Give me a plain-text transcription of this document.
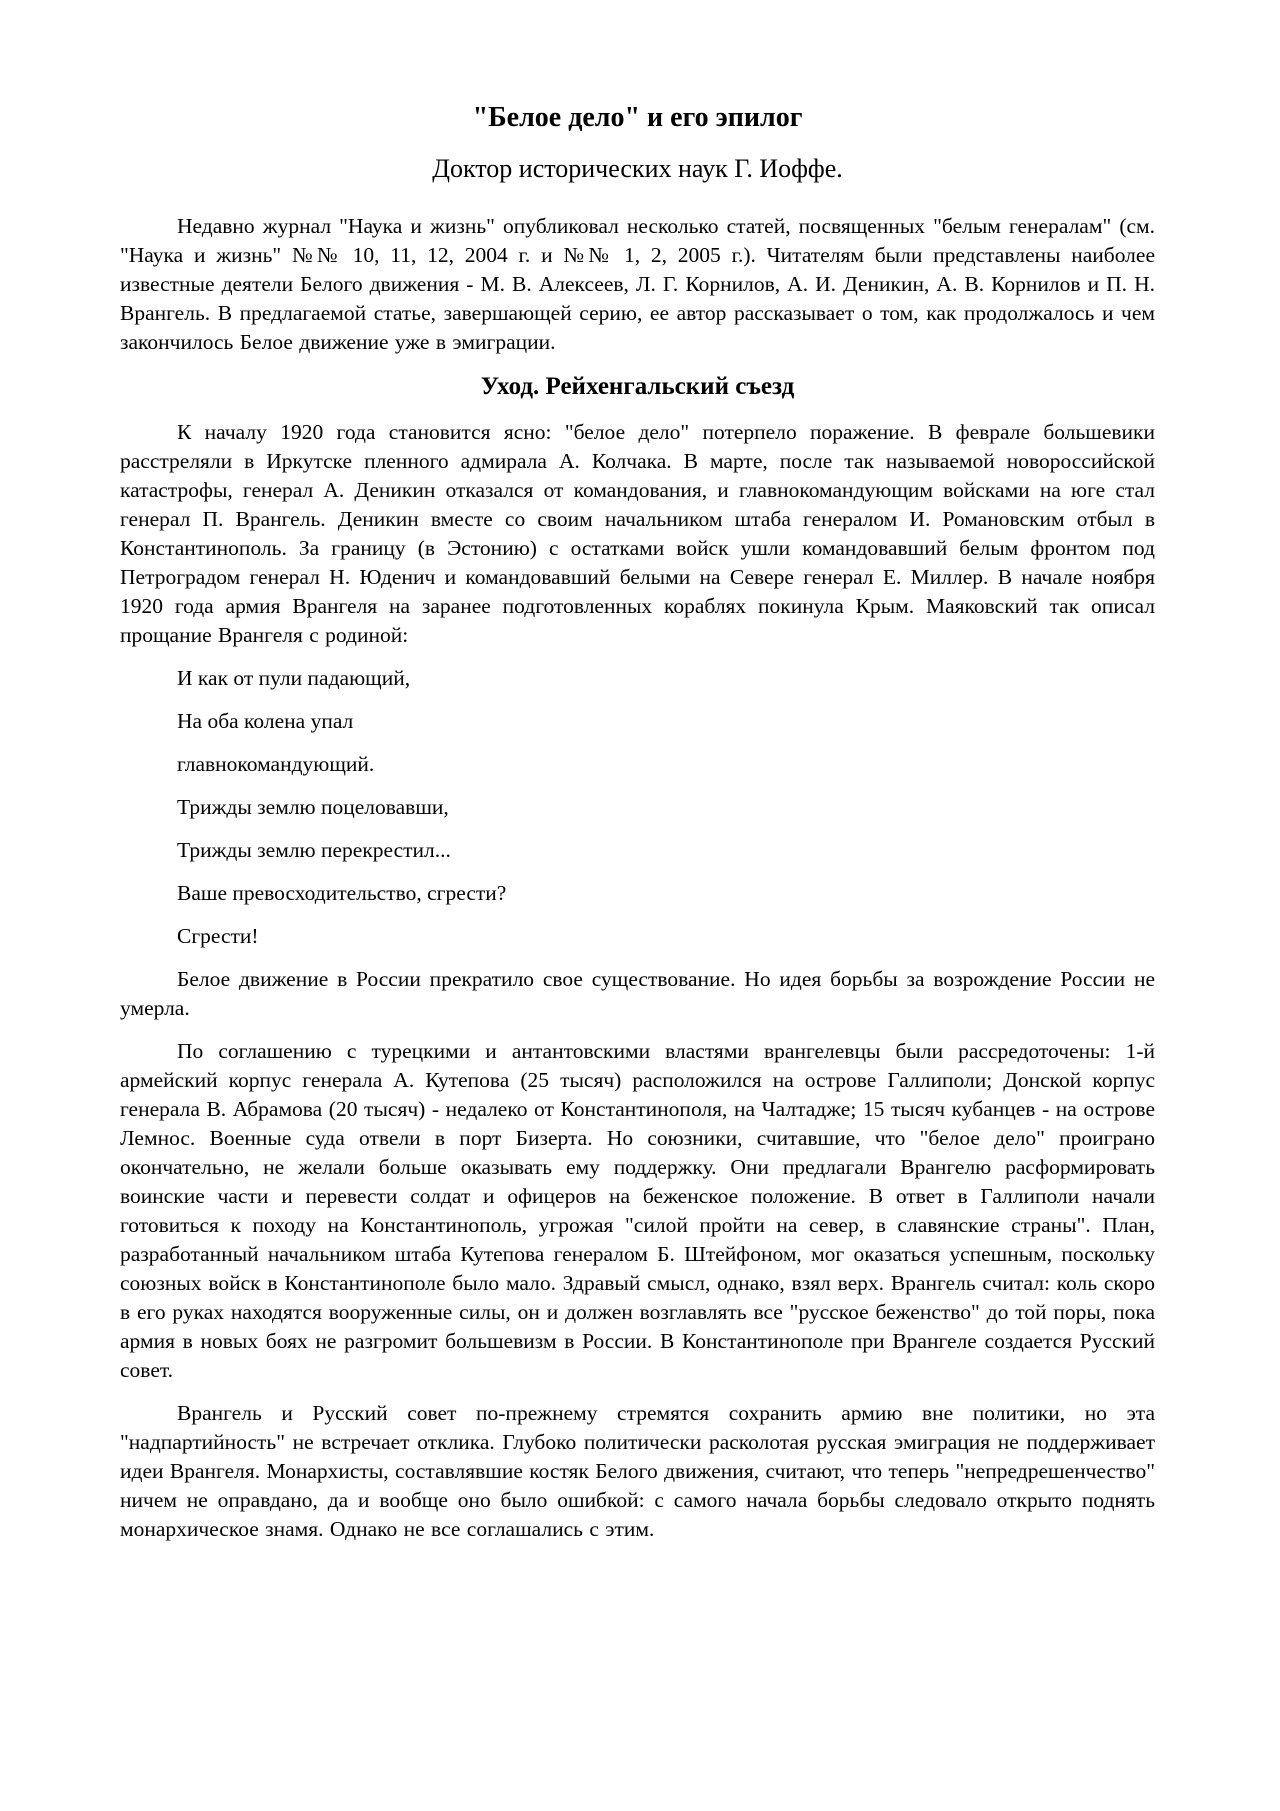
"Белое дело" и его эпилог
Доктор исторических наук Г. Иоффе.

Недавно журнал "Наука и жизнь" опубликовал несколько статей, посвященных "белым генералам" (см. "Наука и жизнь" №№ 10, 11, 12, 2004 г. и №№ 1, 2, 2005 г.). Читателям были представлены наиболее известные деятели Белого движения - М. В. Алексеев, Л. Г. Корнилов, А. И. Деникин, А. В. Корнилов и П. Н. Врангель. В предлагаемой статье, завершающей серию, ее автор рассказывает о том, как продолжалось и чем закончилось Белое движение уже в эмиграции.

Уход. Рейхенгальский съезд

К началу 1920 года становится ясно: "белое дело" потерпело поражение. В феврале большевики расстреляли в Иркутске пленного адмирала А. Колчака. В марте, после так называемой новороссийской катастрофы, генерал А. Деникин отказался от командования, и главнокомандующим войсками на юге стал генерал П. Врангель. Деникин вместе со своим начальником штаба генералом И. Романовским отбыл в Константинополь. За границу (в Эстонию) с остатками войск ушли командовавший белым фронтом под Петроградом генерал Н. Юденич и командовавший белыми на Севере генерал Е. Миллер. В начале ноября 1920 года армия Врангеля на заранее подготовленных кораблях покинула Крым. Маяковский так описал прощание Врангеля с родиной:

И как от пули падающий,

На оба колена упал

главнокомандующий.

Трижды землю поцеловавши,

Трижды землю перекрестил...

Ваше превосходительство, сгрести?

Сгрести!

Белое движение в России прекратило свое существование. Но идея борьбы за возрождение России не умерла.

По соглашению с турецкими и антантовскими властями врангелевцы были рассредоточены: 1-й армейский корпус генерала А. Кутепова (25 тысяч) расположился на острове Галлиполи; Донской корпус генерала В. Абрамова (20 тысяч) - недалеко от Константинополя, на Чалтадже; 15 тысяч кубанцев - на острове Лемнос. Военные суда отвели в порт Бизерта. Но союзники, считавшие, что "белое дело" проиграно окончательно, не желали больше оказывать ему поддержку. Они предлагали Врангелю расформировать воинские части и перевести солдат и офицеров на беженское положение. В ответ в Галлиполи начали готовиться к походу на Константинополь, угрожая "силой пройти на север, в славянские страны". План, разработанный начальником штаба Кутепова генералом Б. Штейфоном, мог оказаться успешным, поскольку союзных войск в Константинополе было мало. Здравый смысл, однако, взял верх. Врангель считал: коль скоро в его руках находятся вооруженные силы, он и должен возглавлять все "русское беженство" до той поры, пока армия в новых боях не разгромит большевизм в России. В Константинополе при Врангеле создается Русский совет.

Врангель и Русский совет по-прежнему стремятся сохранить армию вне политики, но эта "надпартийность" не встречает отклика. Глубоко политически расколотая русская эмиграция не поддерживает идеи Врангеля. Монархисты, составлявшие костяк Белого движения, считают, что теперь "непредрешенчество" ничем не оправдано, да и вообще оно было ошибкой: с самого начала борьбы следовало открыто поднять монархическое знамя. Однако не все соглашались с этим.
